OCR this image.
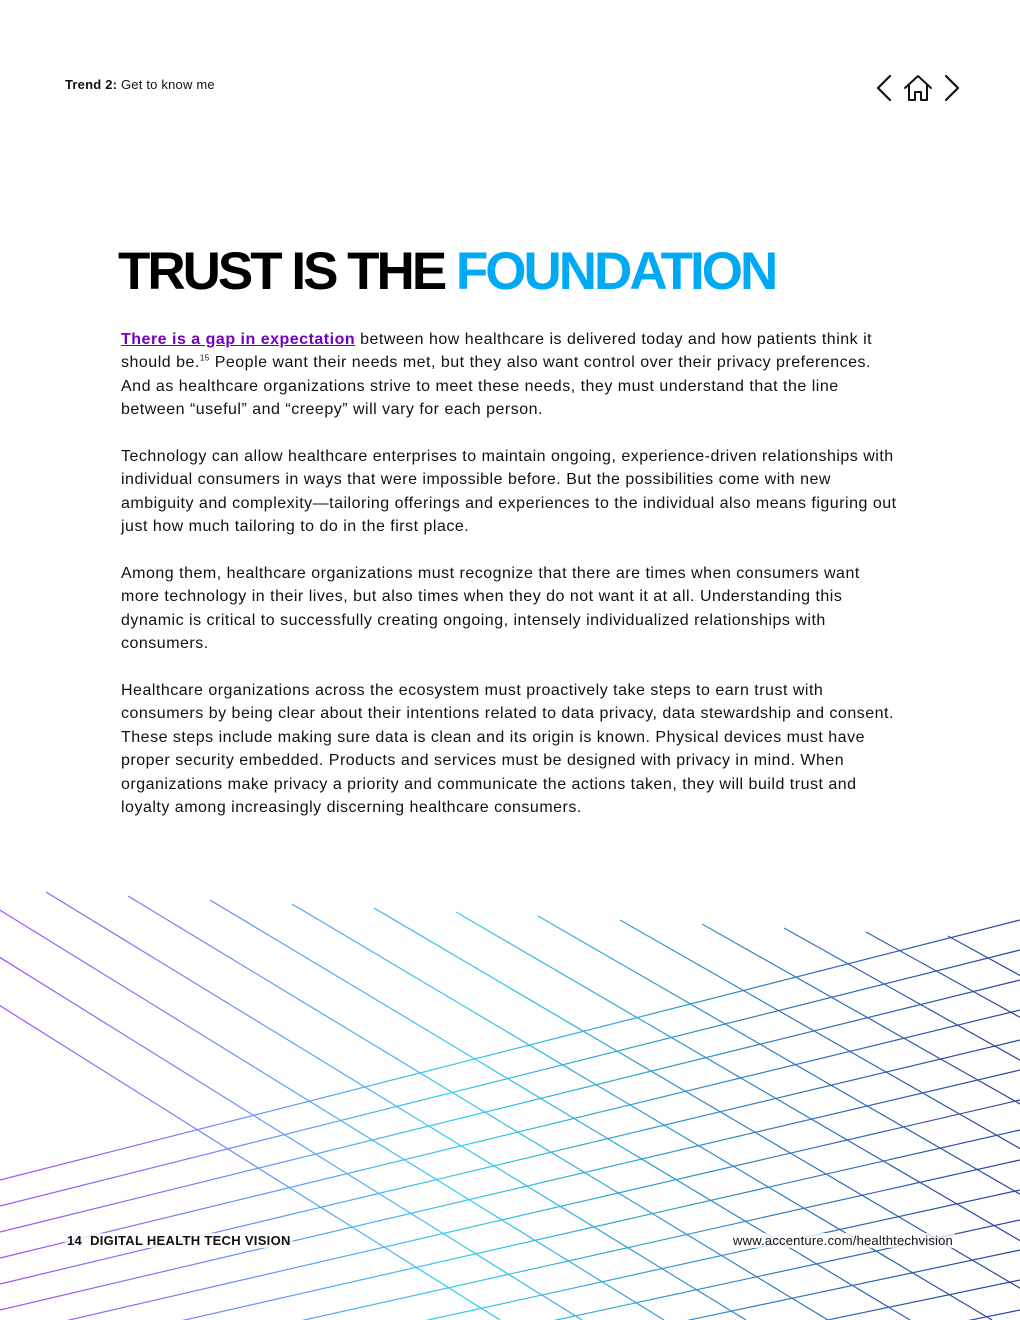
Trend 2: Get to know me
TRUST IS THE FOUNDATION

There is a gap in expectation between how healthcare is delivered today and how patients think it should be.$^{15}$ People want their needs met, but they also want control over their privacy preferences. And as healthcare organizations strive to meet these needs, they must understand that the line between “useful” and “creepy” will vary for each person.

Technology can allow healthcare enterprises to maintain ongoing, experience-driven relationships with individual consumers in ways that were impossible before. But the possibilities come with new ambiguity and complexity—tailoring offerings and experiences to the individual also means figuring out just how much tailoring to do in the first place.

Among them, healthcare organizations must recognize that there are times when consumers want more technology in their lives, but also times when they do not want it at all. Understanding this dynamic is critical to successfully creating ongoing, intensely individualized relationships with consumers.

Healthcare organizations across the ecosystem must proactively take steps to earn trust with consumers by being clear about their intentions related to data privacy, data stewardship and consent. These steps include making sure data is clean and its origin is known. Physical devices must have proper security embedded. Products and services must be designed with privacy in mind. When organizations make privacy a priority and communicate the actions taken, they will build trust and loyalty among increasingly discerning healthcare consumers.

14 DIGITAL HEALTH TECH VISION	www.accenture.com/healthtechvision
